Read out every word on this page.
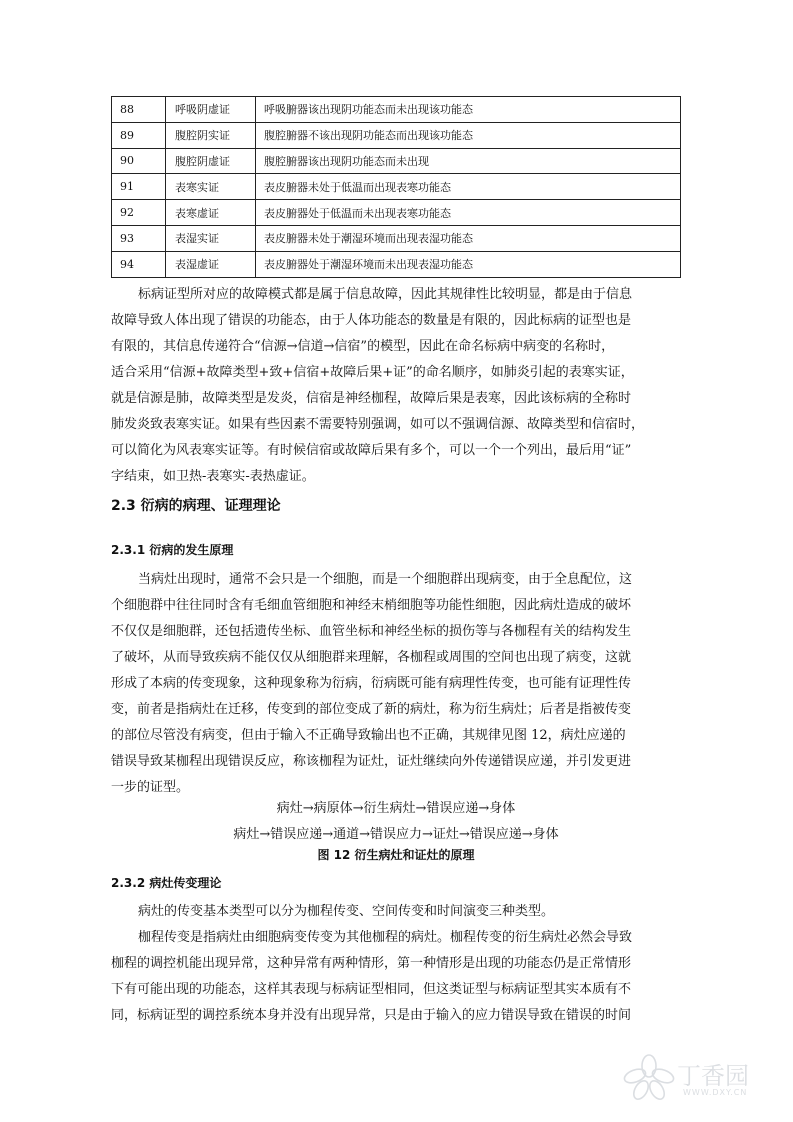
88	呼吸阴虚证	呼吸腑器该出现阴功能态而未出现该功能态
89	腹腔阴实证	腹腔腑器不该出现阴功能态而出现该功能态
90	腹腔阴虚证	腹腔腑器该出现阴功能态而未出现
91	表寒实证	表皮腑器未处于低温而出现表寒功能态
92	表寒虚证	表皮腑器处于低温而未出现表寒功能态
93	表湿实证	表皮腑器未处于潮湿环境而出现表湿功能态
94	表湿虚证	表皮腑器处于潮湿环境而未出现表湿功能态
标病证型所对应的故障模式都是属于信息故障，因此其规律性比较明显，都是由于信息
故障导致人体出现了错误的功能态，由于人体功能态的数量是有限的，因此标病的证型也是
有限的，其信息传递符合“信源→信道→信宿”的模型，因此在命名标病中病变的名称时，
适合采用“信源+故障类型+致+信宿+故障后果+证”的命名顺序，如肺炎引起的表寒实证，
就是信源是肺，故障类型是发炎，信宿是神经枷程，故障后果是表寒，因此该标病的全称时
肺发炎致表寒实证。如果有些因素不需要特别强调，如可以不强调信源、故障类型和信宿时，
可以简化为风表寒实证等。有时候信宿或故障后果有多个，可以一个一个列出，最后用“证”
字结束，如卫热-表寒实-表热虚证。
2.3 衍病的病理、证理理论
2.3.1 衍病的发生原理
当病灶出现时，通常不会只是一个细胞，而是一个细胞群出现病变，由于全息配位，这
个细胞群中往往同时含有毛细血管细胞和神经末梢细胞等功能性细胞，因此病灶造成的破坏
不仅仅是细胞群，还包括遗传坐标、血管坐标和神经坐标的损伤等与各枷程有关的结构发生
了破坏，从而导致疾病不能仅仅从细胞群来理解，各枷程或周围的空间也出现了病变，这就
形成了本病的传变现象，这种现象称为衍病，衍病既可能有病理性传变，也可能有证理性传
变，前者是指病灶在迁移，传变到的部位变成了新的病灶，称为衍生病灶；后者是指被传变
的部位尽管没有病变，但由于输入不正确导致输出也不正确，其规律见图 12，病灶应递的
错误导致某枷程出现错误反应，称该枷程为证灶，证灶继续向外传递错误应递，并引发更进
一步的证型。
病灶→病原体→衍生病灶→错误应递→身体
病灶→错误应递→通道→错误应力→证灶→错误应递→身体
图 12 衍生病灶和证灶的原理
2.3.2 病灶传变理论
病灶的传变基本类型可以分为枷程传变、空间传变和时间演变三种类型。
枷程传变是指病灶由细胞病变传变为其他枷程的病灶。枷程传变的衍生病灶必然会导致
枷程的调控机能出现异常，这种异常有两种情形，第一种情形是出现的功能态仍是正常情形
下有可能出现的功能态，这样其表现与标病证型相同，但这类证型与标病证型其实本质有不
同，标病证型的调控系统本身并没有出现异常，只是由于输入的应力错误导致在错误的时间
丁香园
WWW.DXY.CN
